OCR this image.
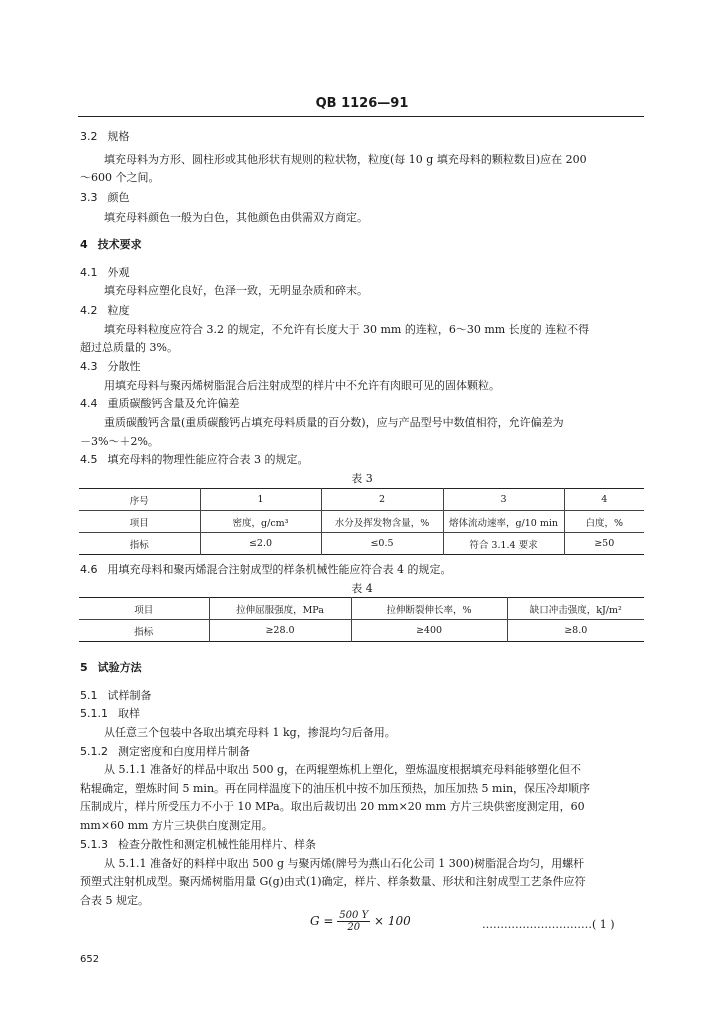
QB 1126—91
3.2 规格
填充母料为方形、圆柱形或其他形状有规则的粒状物，粒度(每 10 g 填充母料的颗粒数目)应在 200
～600 个之间。
3.3 颜色
填充母料颜色一般为白色，其他颜色由供需双方商定。
4 技术要求
4.1 外观
填充母料应塑化良好，色泽一致，无明显杂质和碎末。
4.2 粒度
填充母料粒度应符合 3.2 的规定，不允许有长度大于 30 mm 的连粒，6～30 mm 长度的 连粒不得
超过总质量的 3%。
4.3 分散性
用填充母料与聚丙烯树脂混合后注射成型的样片中不允许有肉眼可见的固体颗粒。
4.4 重质碳酸钙含量及允许偏差
重质碳酸钙含量(重质碳酸钙占填充母料质量的百分数)，应与产品型号中数值相符，允许偏差为
－3%～＋2%。
4.5 填充母料的物理性能应符合表 3 的规定。
表 3
序号	1	2	3	4
项目	密度，g/cm³	水分及挥发物含量，%	熔体流动速率，g/10 min	白度，%
指标	≤2.0	≤0.5	符合 3.1.4 要求	≥50
4.6 用填充母料和聚丙烯混合注射成型的样条机械性能应符合表 4 的规定。
表 4
项目	拉伸屈服强度，MPa	拉伸断裂伸长率，%	缺口冲击强度，kJ/m²
指标	≥28.0	≥400	≥8.0
5 试验方法
5.1 试样制备
5.1.1 取样
从任意三个包装中各取出填充母料 1 kg，掺混均匀后备用。
5.1.2 测定密度和白度用样片制备
从 5.1.1 准备好的样品中取出 500 g，在两辊塑炼机上塑化，塑炼温度根据填充母料能够塑化但不
粘辊确定，塑炼时间 5 min。再在同样温度下的油压机中按不加压预热，加压加热 5 min，保压冷却顺序
压制成片，样片所受压力不小于 10 MPa。取出后裁切出 20 mm×20 mm 方片三块供密度测定用，60
mm×60 mm 方片三块供白度测定用。
5.1.3 检查分散性和测定机械性能用样片、样条
从 5.1.1 准备好的料样中取出 500 g 与聚丙烯(牌号为燕山石化公司 1 300)树脂混合均匀，用螺杆
预塑式注射机成型。聚丙烯树脂用量 G(g)由式(1)确定，样片、样条数量、形状和注射成型工艺条件应符
合表 5 规定。
$G = \frac{500 Y}{20} \times 100$	…………………………( 1 )
652
